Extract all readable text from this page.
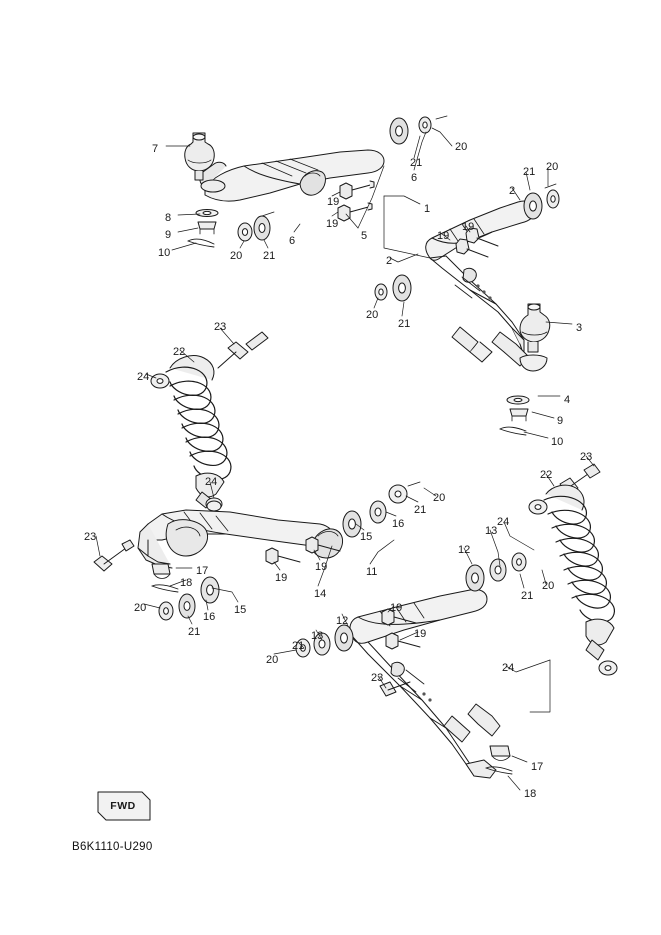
FWD
B6K1110-U290
7
8
9
10	20 21
6
19
19
5
6
21
20
1
2
21 20
19
19
2
20
21	3
4
9
10
23
22
24
24
23
17
18
20
21
16
15
14
19
19
15
16
21
20
11
12
13
21
20
19
19
23
13
12
21
20
24
22
23
24
17
18
